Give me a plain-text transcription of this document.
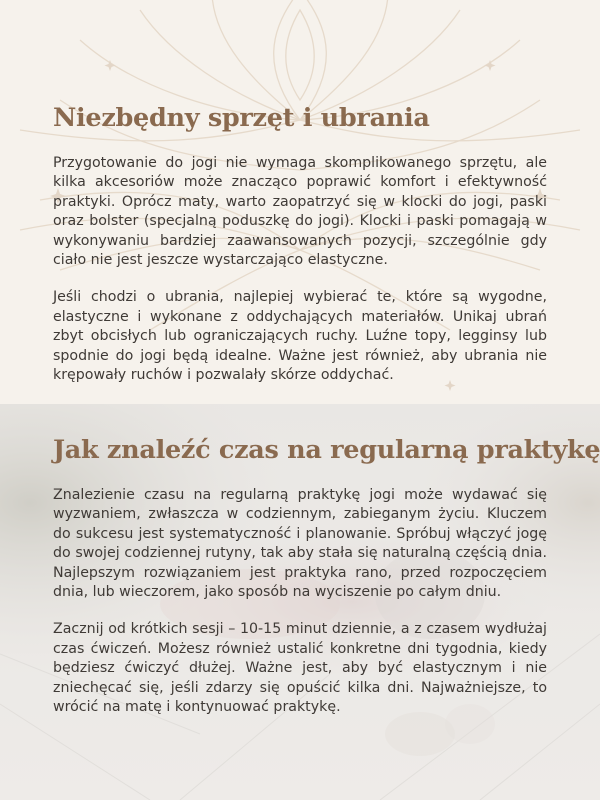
Niezbędny sprzęt i ubrania

Przygotowanie do jogi nie wymaga skomplikowanego sprzętu, ale kilka akcesoriów może znacząco poprawić komfort i efektywność praktyki. Oprócz maty, warto zaopatrzyć się w klocki do jogi, paski oraz bolster (specjalną poduszkę do jogi). Klocki i paski pomagają w wykonywaniu bardziej zaawansowanych pozycji, szczególnie gdy ciało nie jest jeszcze wystarczająco elastyczne.

Jeśli chodzi o ubrania, najlepiej wybierać te, które są wygodne, elastyczne i wykonane z oddychających materiałów. Unikaj ubrań zbyt obcisłych lub ograniczających ruchy. Luźne topy, legginsy lub spodnie do jogi będą idealne. Ważne jest również, aby ubrania nie krępowały ruchów i pozwalały skórze oddychać.

Jak znaleźć czas na regularną praktykę

Znalezienie czasu na regularną praktykę jogi może wydawać się wyzwaniem, zwłaszcza w codziennym, zabieganym życiu. Kluczem do sukcesu jest systematyczność i planowanie. Spróbuj włączyć jogę do swojej codziennej rutyny, tak aby stała się naturalną częścią dnia. Najlepszym rozwiązaniem jest praktyka rano, przed rozpoczęciem dnia, lub wieczorem, jako sposób na wyciszenie po całym dniu.

Zacznij od krótkich sesji – 10-15 minut dziennie, a z czasem wydłużaj czas ćwiczeń. Możesz również ustalić konkretne dni tygodnia, kiedy będziesz ćwiczyć dłużej. Ważne jest, aby być elastycznym i nie zniechęcać się, jeśli zdarzy się opuścić kilka dni. Najważniejsze, to wrócić na matę i kontynuować praktykę.
